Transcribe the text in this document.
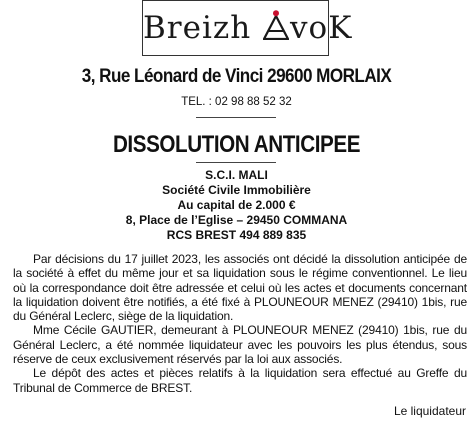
Breizh voK
3, Rue Léonard de Vinci 29600 MORLAIX
TEL. : 02 98 88 52 32
DISSOLUTION ANTICIPEE
S.C.I. MALI
Société Civile Immobilière
Au capital de 2.000 €
8, Place de l’Eglise – 29450 COMMANA
RCS BREST 494 889 835

Par décisions du 17 juillet 2023, les associés ont décidé la dissolution anticipée de la société à effet du même jour et sa liquidation sous le régime conventionnel. Le lieu où la correspondance doit être adressée et celui où les actes et documents concernant la liquidation doivent être notifiés, a été fixé à PLOUNEOUR MENEZ (29410) 1bis, rue du Général Leclerc, siège de la liquidation.

Mme Cécile GAUTIER, demeurant à PLOUNEOUR MENEZ (29410) 1bis, rue du Général Leclerc, a été nommée liquidateur avec les pouvoirs les plus étendus, sous réserve de ceux exclusivement réservés par la loi aux associés.

Le dépôt des actes et pièces relatifs à la liquidation sera effectué au Greffe du Tribunal de Commerce de BREST.

Le liquidateur
